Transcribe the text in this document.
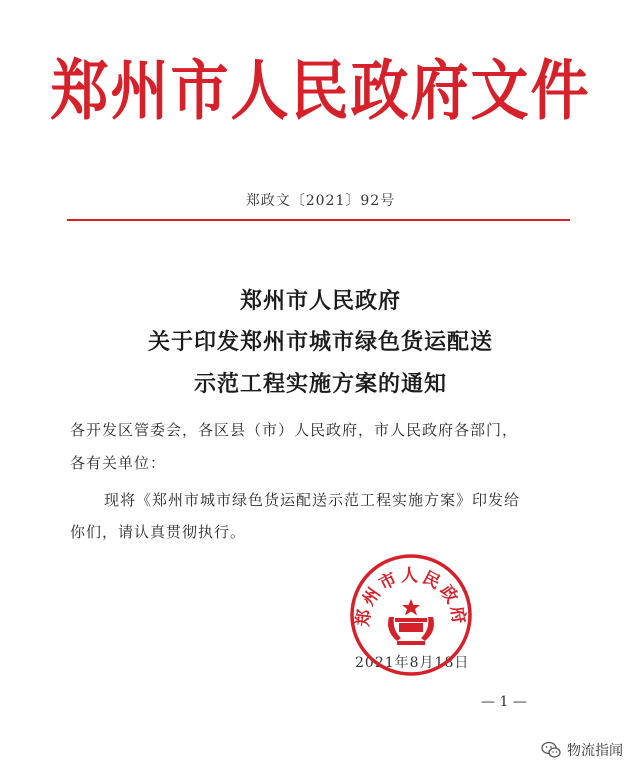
郑州市人民政府文件
郑政文〔2021〕92号
郑州市人民政府
关于印发郑州市城市绿色货运配送
示范工程实施方案的通知
各开发区管委会，各区县（市）人民政府，市人民政府各部门，
各有关单位：
现将《郑州市城市绿色货运配送示范工程实施方案》印发给
你们，请认真贯彻执行。
2021年8月18日
郑州市人民政府
— 1 —
物流指闻
